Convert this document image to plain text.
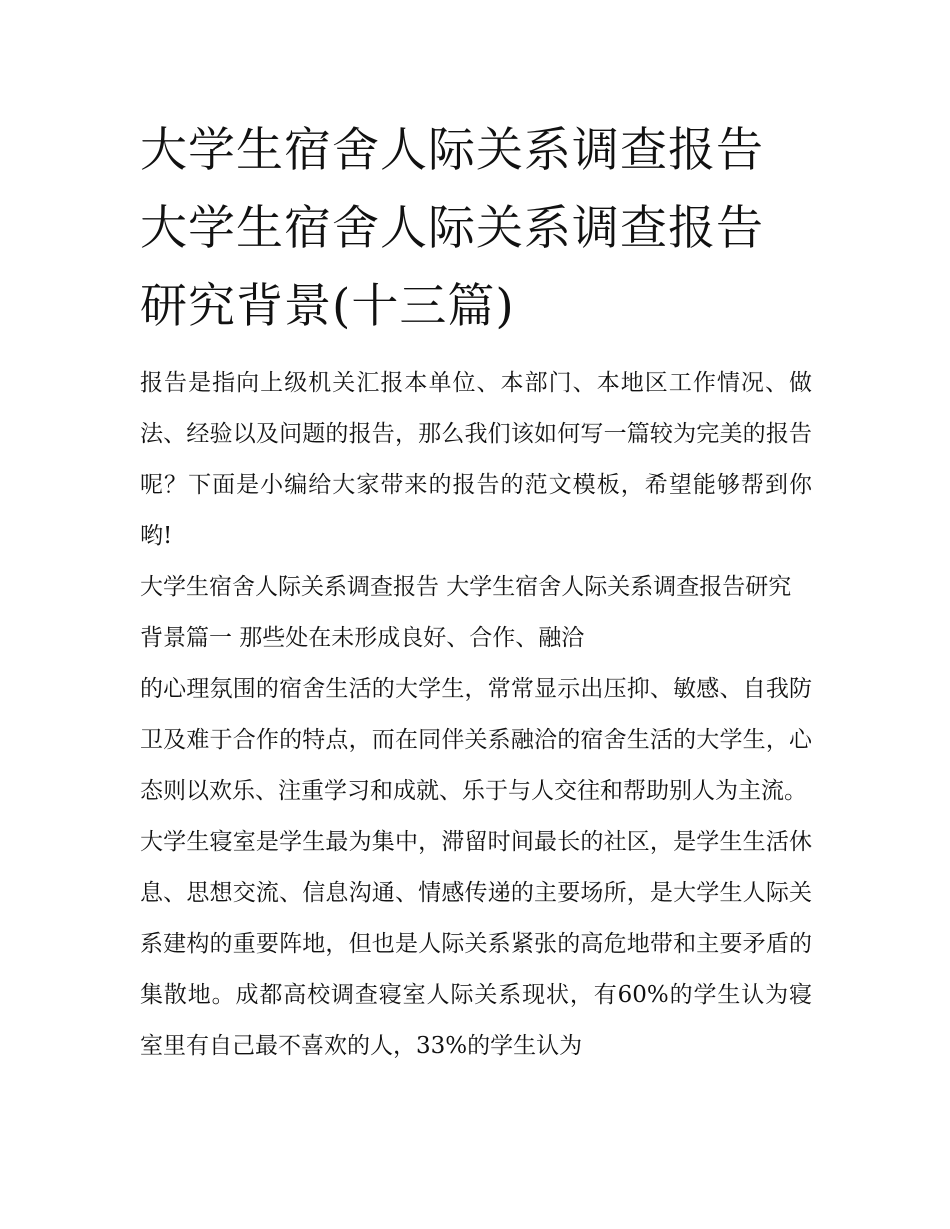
大学生宿舍人际关系调查报告
大学生宿舍人际关系调查报告
研究背景(十三篇)

报告是指向上级机关汇报本单位、本部门、本地区工作情况、做法、经验以及问题的报告，那么我们该如何写一篇较为完美的报告呢？下面是小编给大家带来的报告的范文模板，希望能够帮到你哟!

大学生宿舍人际关系调查报告 大学生宿舍人际关系调查报告研究背景篇一 那些处在未形成良好、合作、融洽

的心理氛围的宿舍生活的大学生，常常显示出压抑、敏感、自我防卫及难于合作的特点，而在同伴关系融洽的宿舍生活的大学生，心态则以欢乐、注重学习和成就、乐于与人交往和帮助别人为主流。

大学生寝室是学生最为集中，滞留时间最长的社区，是学生生活休息、思想交流、信息沟通、情感传递的主要场所，是大学生人际关系建构的重要阵地，但也是人际关系紧张的高危地带和主要矛盾的集散地。成都高校调查寝室人际关系现状，有60%的学生认为寝室里有自己最不喜欢的人，33%的学生认为
